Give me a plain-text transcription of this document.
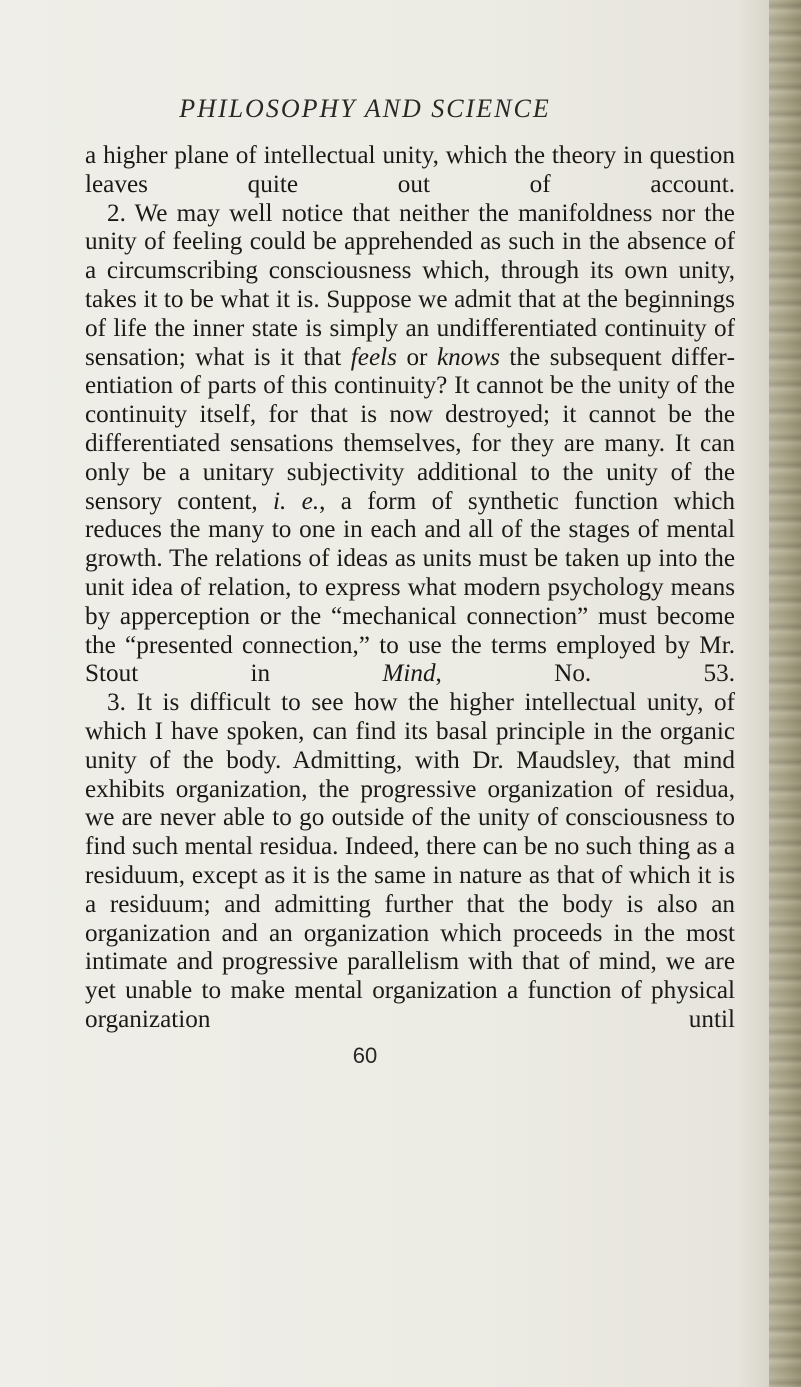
PHILOSOPHY AND SCIENCE

a higher plane of intellectual unity, which the theory in question leaves quite out of account.

2. We may well notice that neither the manifoldness nor the unity of feeling could be apprehended as such in the absence of a circumscribing consciousness which, through its own unity, takes it to be what it is. Suppose we admit that at the beginnings of life the inner state is simply an undifferentiated continuity of sensation; what is it that feels or knows the subsequent differentiation of parts of this continuity? It cannot be the unity of the continuity itself, for that is now destroyed; it cannot be the differentiated sensations themselves, for they are many. It can only be a unitary subjectivity additional to the unity of the sensory content, i. e., a form of synthetic function which reduces the many to one in each and all of the stages of mental growth. The relations of ideas as units must be taken up into the unit idea of relation, to express what modern psychology means by apperception or the “mechanical connection” must become the “presented connection,” to use the terms employed by Mr. Stout in Mind, No. 53.

3. It is difficult to see how the higher intellectual unity, of which I have spoken, can find its basal principle in the organic unity of the body. Admitting, with Dr. Maudsley, that mind exhibits organization, the progressive organization of residua, we are never able to go outside of the unity of consciousness to find such mental residua. Indeed, there can be no such thing as a residuum, except as it is the same in nature as that of which it is a residuum; and admitting further that the body is also an organization and an organization which proceeds in the most intimate and progressive parallelism with that of mind, we are yet unable to make mental organization a function of physical organization until

60
